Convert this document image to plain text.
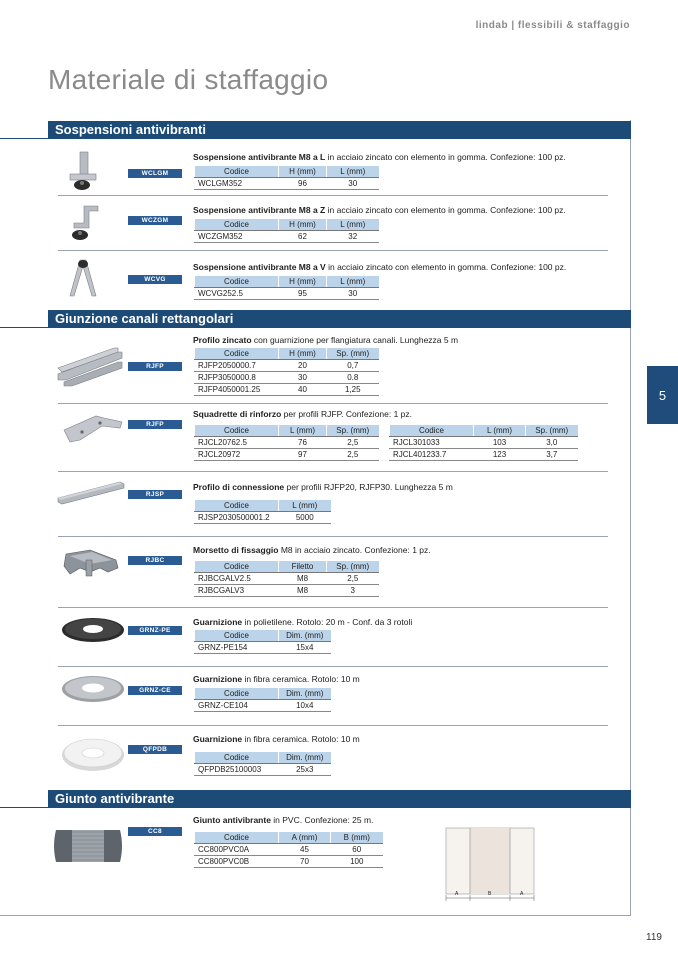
lindab | flessibili & staffaggio
Materiale di staffaggio
5
119
Sospensioni antivibranti
WCLGM
Sospensione antivibrante M8 a L in acciaio zincato con elemento in gomma. Confezione: 100 pz.
Codice	H (mm)	L (mm)
WCLGM352	96	30
WCZGM
Sospensione antivibrante M8 a Z in acciaio zincato con elemento in gomma. Confezione: 100 pz.
Codice	H (mm)	L (mm)
WCZGM352	62	32
WCVG
Sospensione antivibrante M8 a V in acciaio zincato con elemento in gomma. Confezione: 100 pz.
Codice	H (mm)	L (mm)
WCVG252.5	95	30
Giunzione canali rettangolari
RJFP
Profilo zincato con guarnizione per flangiatura canali. Lunghezza 5 m
Codice	H (mm)	Sp. (mm)
RJFP2050000.7	20	0,7
RJFP3050000.8	30	0.8
RJFP4050001.25	40	1,25
RJFP
Squadrette di rinforzo per profili RJFP. Confezione: 1 pz.
Codice	L (mm)	Sp. (mm)
RJCL20762.5	76	2,5
RJCL20972	97	2,5
Codice	L (mm)	Sp. (mm)
RJCL301033	103	3,0
RJCL401233.7	123	3,7
RJSP
Profilo di connessione per profili RJFP20, RJFP30. Lunghezza 5 m
Codice	L (mm)
RJSP2030500001.2	5000
RJBC
Morsetto di fissaggio M8 in acciaio zincato. Confezione: 1 pz.
Codice	Filetto	Sp. (mm)
RJBCGALV2.5	M8	2,5
RJBCGALV3	M8	3
GRNZ-PE
Guarnizione in polietilene. Rotolo: 20 m - Conf. da 3 rotoli
Codice	Dim. (mm)
GRNZ-PE154	15x4
GRNZ-CE
Guarnizione in fibra ceramica. Rotolo: 10 m
Codice	Dim. (mm)
GRNZ-CE104	10x4
QFPDB
Guarnizione in fibra ceramica. Rotolo: 10 m
Codice	Dim. (mm)
QFPDB25100003	25x3
Giunto antivibrante
CC8
Giunto antivibrante in PVC. Confezione: 25 m.
Codice	A (mm)	B (mm)
CC800PVC0A	45	60
CC800PVC0B	70	100
A	B	A
